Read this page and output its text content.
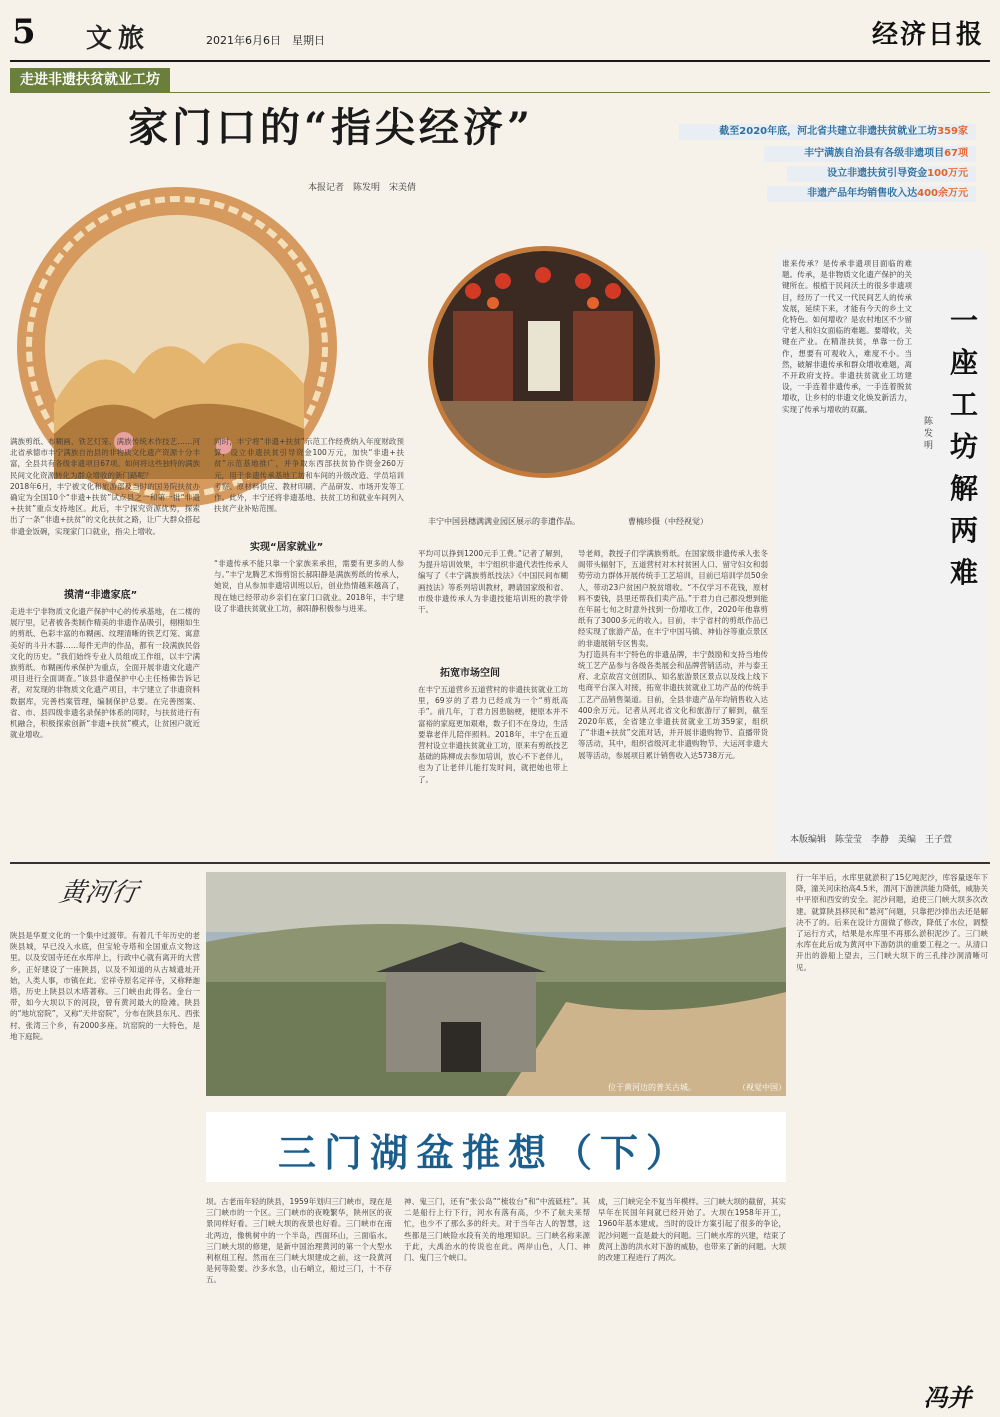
5 文旅	2021年6月6日　星期日	经济日报
走进非遗扶贫就业工坊
家门口的“指尖经济”
本报记者　陈发明　宋美倩
截至2020年底，河北省共建立非遗扶贫就业工坊359家
丰宁满族自治县有各级非遗项目67项
设立非遗扶贫引导资金100万元
非遗产品年均销售收入达400余万元
丰宁中国县穗满满业园区展示的非遗作品。	曹楠珍摄（中经视觉）

满族剪纸、布糊画、铁艺灯笼、满族传统木作技艺……河北省承德市丰宁满族自治县的非物质文化遗产资源十分丰富，全县共有各级非遗项目67项。如何将这些独特的满族民间文化资源转化为群众增收的新门路呢？

2018年6月，丰宁被文化和旅游部及当时的国务院扶贫办确定为全国10个“非遗+扶贫”试点县之一和第一批“非遗+扶贫”重点支持地区。此后，丰宁探究资源优势，探索出了一条“非遗+扶贫”的文化扶贫之路，让广大群众搭起非遗金饭碗，实现家门口就业，指尖上增收。

摸清“非遗家底”
走进丰宁非物质文化遗产保护中心的传承基地，在二楼的展厅里，记者被各类制作精美的非遗作品吸引，栩栩如生的剪纸、色彩丰富的布糊画、纹理清晰的铁艺灯笼、寓意美好的斗升木器……每件无声的作品，都有一段满族民俗文化的历史。“我们始终专业人员组成工作组，以丰宁满族剪纸、布糊画传承保护为重点，全面开展非遗文化遗产项目进行全面调查。”该县非遗保护中心主任杨佛告诉记者，对发现的非物质文化遗产项目，丰宁建立了非遗资料数据库，完善档案管理，编制保护总要。在完善图案、省、市、县四级非遗名录保护体系的同时，与扶贫进行有机融合，积极探索创新“非遗+扶贫”模式，让贫困户就近就业增收。
同时，丰宁将“非遗+扶贫”示范工作经费纳入年度财政预算，设立非遗扶贫引导资金100万元，加快“非遗+扶贫”示范基地推广，并争取东西部扶贫协作资金260万元，用于非遗传承基地工坊和车间的升级改造、学员培训考察、原材料供应、教材印刷、产品研发、市场开发等工作。此外，丰宁还将非遗基地、扶贫工坊和就业车间列入扶贫产业补贴范围。
实现“居家就业”
“非遗传承不能只靠一个家族来承担，需要有更多的人参与。”丰宁龙腾艺术饰剪馆长郝阳静是满族剪纸的传承人，她说，自从参加非遗培训班以后，创业热情越来越高了，现在她已经带动乡亲们在家门口就业。2018年，丰宁建设了非遗扶贫就业工坊，郝阳静积极参与进来。
平均可以挣到1200元手工费。”记者了解到，为提升培训效果，丰宁组织非遗代表性传承人编写了《丰宁满族剪纸技法》《中国民间布糊画技法》等系列培训教材，聘请国家级和省、市级非遗传承人为非遗技能培训班的教学骨干。
拓宽市场空间
在丰宁五道营乡五道营村的非遗扶贫就业工坊里，69岁的了君力已经成为一个“剪纸高手”。前几年，丁君力因患脑梗，便原本并不富裕的家庭更加艰难，数子们不在身边，生活要靠老伴儿陪伴照料。2018年，丰宁在五道营村设立非遗扶贫就业工坊，原来有剪纸技艺基础的陈柳成去参加培训，放心不下老伴儿，也为了让老伴儿能打发时间，就把她也带上了。

导老师，教授子们学满族剪纸。在国家级非遗传承人张冬阁带头辐射下，五道营村对木村贫困人口、留守妇女和弱势劳动力群体开展传统手工艺培训，目前已培训学员50余人，带动23户贫困户脱贫增收。“不仅学习不花钱，原材料不要钱，县里还帮我们卖产品。”于君力自己都没想到能在年届七旬之时意外找到一份增收工作，2020年他靠剪纸有了3000多元的收入。目前，丰宁省村的剪纸作品已经实现了旅游产品，在丰宁中国马镇、神仙谷等重点景区的非遗展销专区售卖。

为打造具有丰宁特色的非遗品牌，丰宁鼓励和支持当地传统工艺产品参与各级各类展会和品牌营销活动，并与泰王府、北京故宫文创团队、知名旅游景区景点以及线上线下电商平台深入对接，拓宽非遗扶贫就业工坊产品的传统手工艺产品销售渠道。目前，全县非遗产品年均销售收入达400余万元。记者从河北省文化和旅游厅了解到，截至2020年底，全省建立非遗扶贫就业工坊359家，组织了“非遗+扶贫”交流对话，并开展非遗购物节、直播带货等活动，其中，组织省级河北非遗购物节、大运河非遗大展等活动，参展项目累计销售收入达5738万元。

谁来传承？是传承非遗项目面临的难题。传承，是非物质文化遗产保护的关键所在。根植于民间沃土的很多非遗项目，经历了一代又一代民间艺人的传承发展，延续下来，才能有今天的乡土文化特色。如何增收？是农村地区不少留守老人和妇女面临的难题。要增收，关键在产业。在精准扶贫，单靠一份工作，想要有可观收入，难度不小。当然，破解非遗传承和群众增收难题，离不开政府支持。非遗扶贫就业工坊建设，一手连着非遗传承，一手连着脱贫增收，让乡村的非遗文化焕发新活力，实现了传承与增收的双赢。
一座工坊解两难
陈发明
本版编辑　陈莹莹　李静　美编　王子萱
黄河行
位于黄河边的普关古城。	（视觉中国）
三门湖盆推想（下）
陕县是华夏文化的一个集中过渡带。有着几千年历史的老陕县城，早已没入水底，但宝轮寺塔和全国重点文物这里。以及安国寺还在水库岸上，行政中心就有离开的大营乡，正好建设了一座陕县，以及不知道的从古城遗址开始，人类人事，市镇在此。宏祥寺原名定祥寺，又称释迦塔，历史上陕县以木塔著称。三门峡由此得名。金台一带，如今大坝以下的河段，曾有黄河最大的险滩。陕县的“地坑窑院”，又称“天井窑院”，分布在陕县东凡、西张村、张湾三个乡，有2000多座。坑窑院的一大特色，是地下庭院。
坝。古老而年轻的陕县，1959年划归三门峡市，现在是三门峡市的一个区。三门峡市的夜晚繁华，陕州区的夜景同样好看。三门峡大坝的夜景也好看。三门峡市在南北两边，像桃树中的一个半岛，西面环山，三面临水。三门峡大坝的修建，是新中国治理黄河的第一个大型水利枢纽工程。然而在三门峡大坝建成之前，这一段黄河是何等险要。沙多水急，山石峭立，船过三门，十不存五。
神、鬼三门，还有“张公岛”“梳妆台”和“中流砥柱”。其二是船行上行下行，河水有落有高，少不了航夫来帮忙，也少不了那么多的纤夫。对于当年古人的智慧，这些都是三门峡险水段有关的地理知识。三门峡名称来源于此，大禹治水的传说也在此。两岸山色，人门、神门、鬼门三个峡口。
成，三门峡完全不复当年模样。三门峡大坝的截留，其实早年在民国年间就已经开始了。大坝在1958年开工，1960年基本建成。当时的设计方案引起了很多的争论，泥沙问题一直是最大的问题。三门峡水库的兴建，结束了黄河上游的洪水对下游的威胁，也带来了新的问题。大坝的改建工程进行了两次。
行一年半后，水库里就淤积了15亿吨泥沙，库容量逐年下降，潼关河床抬高4.5米，渭河下游泄洪能力降低，威胁关中平原和西安的安全。泥沙问题，迫使三门峡大坝多次改建。就算陕县移民和“悬河”问题，只靠把沙捧出去还是解决不了的。后来在设计方面做了修改，降低了水位，调整了运行方式，结果是水库里不再那么淤积泥沙了。三门峡水库在此后成为黄河中下游防洪的重要工程之一。从清口开出的游船上望去，三门峡大坝下的三孔排沙洞清晰可见。
冯并
